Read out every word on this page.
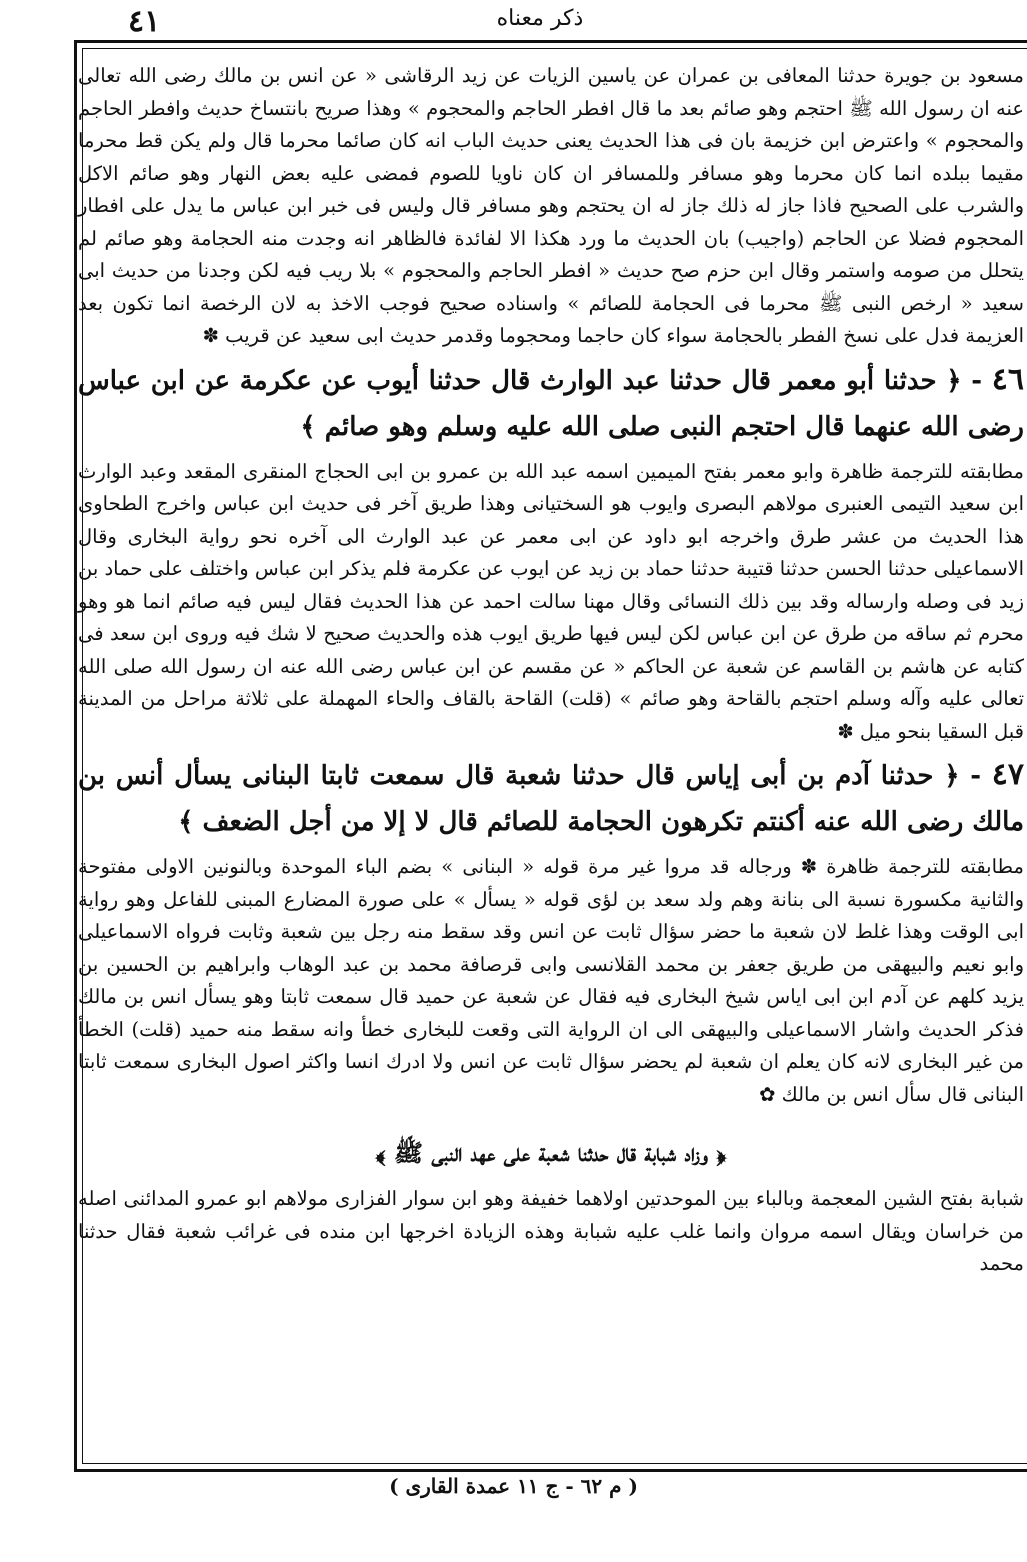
٤١	ذكر معناه

مسعود بن جويرة حدثنا المعافى بن عمران عن ياسين الزيات عن زيد الرقاشى « عن انس بن مالك رضى الله تعالى عنه ان رسول الله ﷺ احتجم وهو صائم بعد ما قال افطر الحاجم والمحجوم » وهذا صريح بانتساخ حديث وافطر الحاجم والمحجوم » واعترض ابن خزيمة بان فى هذا الحديث يعنى حديث الباب انه كان صائما محرما قال ولم يكن قط محرما مقيما ببلده انما كان محرما وهو مسافر وللمسافر ان كان ناويا للصوم فمضى عليه بعض النهار وهو صائم الاكل والشرب على الصحيح فاذا جاز له ذلك جاز له ان يحتجم وهو مسافر قال وليس فى خبر ابن عباس ما يدل على افطار المحجوم فضلا عن الحاجم (واجيب) بان الحديث ما ورد هكذا الا لفائدة فالظاهر انه وجدت منه الحجامة وهو صائم لم يتحلل من صومه واستمر وقال ابن حزم صح حديث « افطر الحاجم والمحجوم » بلا ريب فيه لكن وجدنا من حديث ابى سعيد « ارخص النبى ﷺ محرما فى الحجامة للصائم » واسناده صحيح فوجب الاخذ به لان الرخصة انما تكون بعد العزيمة فدل على نسخ الفطر بالحجامة سواء كان حاجما ومحجوما وقدمر حديث ابى سعيد عن قريب ✽

٤٦ - ﴿ حدثنا أبو معمر قال حدثنا عبد الوارث قال حدثنا أيوب عن عكرمة عن ابن عباس رضى الله عنهما قال احتجم النبى صلى الله عليه وسلم وهو صائم ﴾

مطابقته للترجمة ظاهرة وابو معمر بفتح الميمين اسمه عبد الله بن عمرو بن ابى الحجاج المنقرى المقعد وعبد الوارث ابن سعيد التيمى العنبرى مولاهم البصرى وايوب هو السختيانى وهذا طريق آخر فى حديث ابن عباس واخرج الطحاوى هذا الحديث من عشر طرق واخرجه ابو داود عن ابى معمر عن عبد الوارث الى آخره نحو رواية البخارى وقال الاسماعيلى حدثنا الحسن حدثنا قتيبة حدثنا حماد بن زيد عن ايوب عن عكرمة فلم يذكر ابن عباس واختلف على حماد بن زيد فى وصله وارساله وقد بين ذلك النسائى وقال مهنا سالت احمد عن هذا الحديث فقال ليس فيه صائم انما هو وهو محرم ثم ساقه من طرق عن ابن عباس لكن ليس فيها طريق ايوب هذه والحديث صحيح لا شك فيه وروى ابن سعد فى كتابه عن هاشم بن القاسم عن شعبة عن الحاكم « عن مقسم عن ابن عباس رضى الله عنه ان رسول الله صلى الله تعالى عليه وآله وسلم احتجم بالقاحة وهو صائم » (قلت) القاحة بالقاف والحاء المهملة على ثلاثة مراحل من المدينة قبل السقيا بنحو ميل ✽

٤٧ - ﴿ حدثنا آدم بن أبى إياس قال حدثنا شعبة قال سمعت ثابتا البنانى يسأل أنس بن مالك رضى الله عنه أكنتم تكرهون الحجامة للصائم قال لا إلا من أجل الضعف ﴾

مطابقته للترجمة ظاهرة ✽ ورجاله قد مروا غير مرة قوله « البنانى » بضم الباء الموحدة وبالنونين الاولى مفتوحة والثانية مكسورة نسبة الى بنانة وهم ولد سعد بن لؤى قوله « يسأل » على صورة المضارع المبنى للفاعل وهو رواية ابى الوقت وهذا غلط لان شعبة ما حضر سؤال ثابت عن انس وقد سقط منه رجل بين شعبة وثابت فرواه الاسماعيلى وابو نعيم والبيهقى من طريق جعفر بن محمد القلانسى وابى قرصافة محمد بن عبد الوهاب وابراهيم بن الحسين بن يزيد كلهم عن آدم ابن ابى اياس شيخ البخارى فيه فقال عن شعبة عن حميد قال سمعت ثابتا وهو يسأل انس بن مالك فذكر الحديث واشار الاسماعيلى والبيهقى الى ان الرواية التى وقعت للبخارى خطأ وانه سقط منه حميد (قلت) الخطأ من غير البخارى لانه كان يعلم ان شعبة لم يحضر سؤال ثابت عن انس ولا ادرك انسا واكثر اصول البخارى سمعت ثابتا البنانى قال سأل انس بن مالك ✿

﴿ وزاد شبابة قال حدثنا شعبة على عهد النبى ﷺ ﴾

شبابة بفتح الشين المعجمة وبالباء بين الموحدتين اولاهما خفيفة وهو ابن سوار الفزارى مولاهم ابو عمرو المدائنى اصله من خراسان ويقال اسمه مروان وانما غلب عليه شبابة وهذه الزيادة اخرجها ابن منده فى غرائب شعبة فقال حدثنا محمد

( م ٦٢ - ج ١١ عمدة القارى )
